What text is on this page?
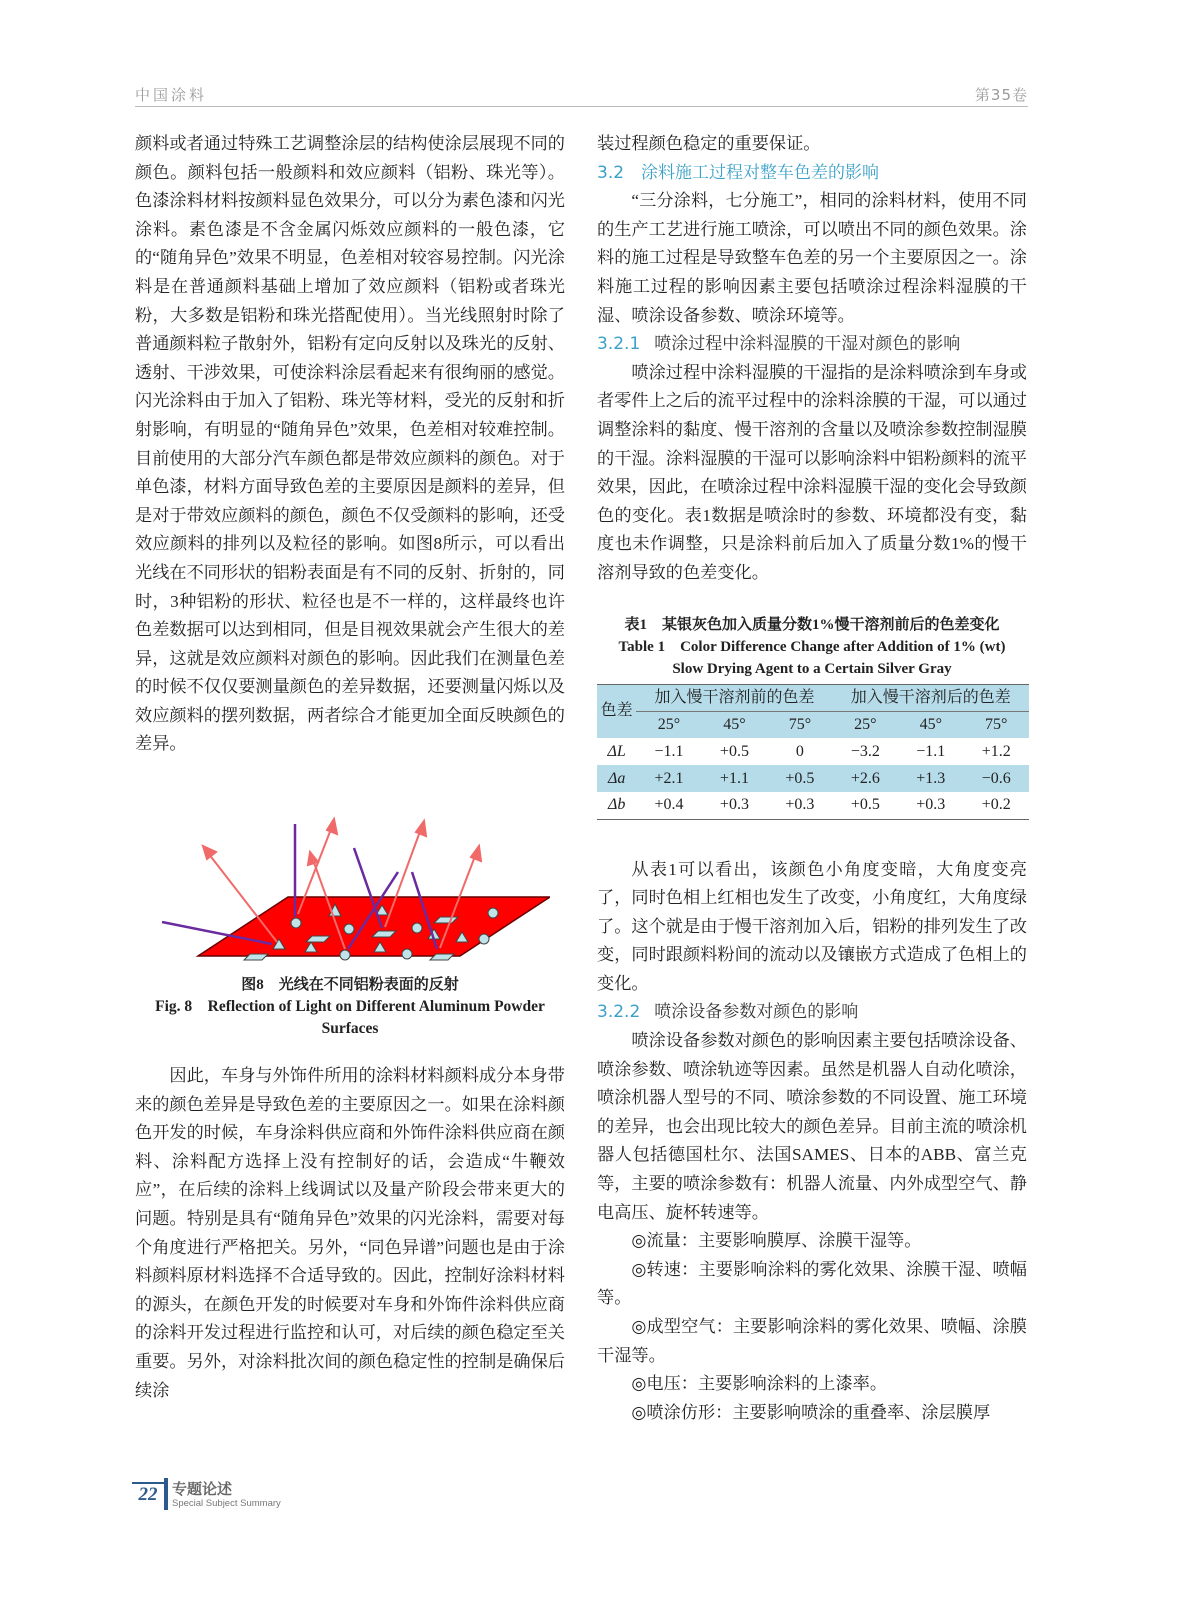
中国涂料	第35卷

颜料或者通过特殊工艺调整涂层的结构使涂层展现不同的颜色。颜料包括一般颜料和效应颜料（铝粉、珠光等）。色漆涂料材料按颜料显色效果分，可以分为素色漆和闪光涂料。素色漆是不含金属闪烁效应颜料的一般色漆，它的“随角异色”效果不明显，色差相对较容易控制。闪光涂料是在普通颜料基础上增加了效应颜料（铝粉或者珠光粉，大多数是铝粉和珠光搭配使用）。当光线照射时除了普通颜料粒子散射外，铝粉有定向反射以及珠光的反射、透射、干涉效果，可使涂料涂层看起来有很绚丽的感觉。闪光涂料由于加入了铝粉、珠光等材料，受光的反射和折射影响，有明显的“随角异色”效果，色差相对较难控制。目前使用的大部分汽车颜色都是带效应颜料的颜色。对于单色漆，材料方面导致色差的主要原因是颜料的差异，但是对于带效应颜料的颜色，颜色不仅受颜料的影响，还受效应颜料的排列以及粒径的影响。如图8所示，可以看出光线在不同形状的铝粉表面是有不同的反射、折射的，同时，3种铝粉的形状、粒径也是不一样的，这样最终也许色差数据可以达到相同，但是目视效果就会产生很大的差异，这就是效应颜料对颜色的影响。因此我们在测量色差的时候不仅仅要测量颜色的差异数据，还要测量闪烁以及效应颜料的摆列数据，两者综合才能更加全面反映颜色的差异。

图8　光线在不同铝粉表面的反射
Fig. 8　Reflection of Light on Different Aluminum Powder Surfaces

因此，车身与外饰件所用的涂料材料颜料成分本身带来的颜色差异是导致色差的主要原因之一。如果在涂料颜色开发的时候，车身涂料供应商和外饰件涂料供应商在颜料、涂料配方选择上没有控制好的话，会造成“牛鞭效应”，在后续的涂料上线调试以及量产阶段会带来更大的问题。特别是具有“随角异色”效果的闪光涂料，需要对每个角度进行严格把关。另外，“同色异谱”问题也是由于涂料颜料原材料选择不合适导致的。因此，控制好涂料材料的源头，在颜色开发的时候要对车身和外饰件涂料供应商的涂料开发过程进行监控和认可，对后续的颜色稳定至关重要。另外，对涂料批次间的颜色稳定性的控制是确保后续涂

装过程颜色稳定的重要保证。

3.2　涂料施工过程对整车色差的影响

“三分涂料，七分施工”，相同的涂料材料，使用不同的生产工艺进行施工喷涂，可以喷出不同的颜色效果。涂料的施工过程是导致整车色差的另一个主要原因之一。涂料施工过程的影响因素主要包括喷涂过程涂料湿膜的干湿、喷涂设备参数、喷涂环境等。

3.2.1 喷涂过程中涂料湿膜的干湿对颜色的影响

喷涂过程中涂料湿膜的干湿指的是涂料喷涂到车身或者零件上之后的流平过程中的涂料涂膜的干湿，可以通过调整涂料的黏度、慢干溶剂的含量以及喷涂参数控制湿膜的干湿。涂料湿膜的干湿可以影响涂料中铝粉颜料的流平效果，因此，在喷涂过程中涂料湿膜干湿的变化会导致颜色的变化。表1数据是喷涂时的参数、环境都没有变，黏度也未作调整，只是涂料前后加入了质量分数1%的慢干溶剂导致的色差变化。

表1　某银灰色加入质量分数1%慢干溶剂前后的色差变化
Table 1　Color Difference Change after Addition of 1% (wt)
Slow Drying Agent to a Certain Silver Gray
色差	加入慢干溶剂前的色差			加入慢干溶剂后的色差		
	25°	45°	75°	25°	45°	75°
ΔL	−1.1	+0.5	0	−3.2	−1.1	+1.2
Δa	+2.1	+1.1	+0.5	+2.6	+1.3	−0.6
Δb	+0.4	+0.3	+0.3	+0.5	+0.3	+0.2

从表1可以看出，该颜色小角度变暗，大角度变亮了，同时色相上红相也发生了改变，小角度红，大角度绿了。这个就是由于慢干溶剂加入后，铝粉的排列发生了改变，同时跟颜料粉间的流动以及镶嵌方式造成了色相上的变化。

3.2.2 喷涂设备参数对颜色的影响

喷涂设备参数对颜色的影响因素主要包括喷涂设备、喷涂参数、喷涂轨迹等因素。虽然是机器人自动化喷涂，喷涂机器人型号的不同、喷涂参数的不同设置、施工环境的差异，也会出现比较大的颜色差异。目前主流的喷涂机器人包括德国杜尔、法国SAMES、日本的ABB、富兰克等，主要的喷涂参数有：机器人流量、内外成型空气、静电高压、旋杯转速等。

◎流量：主要影响膜厚、涂膜干湿等。

◎转速：主要影响涂料的雾化效果、涂膜干湿、喷幅等。

◎成型空气：主要影响涂料的雾化效果、喷幅、涂膜干湿等。

◎电压：主要影响涂料的上漆率。

◎喷涂仿形：主要影响喷涂的重叠率、涂层膜厚

22 专题论述
Special Subject Summary
